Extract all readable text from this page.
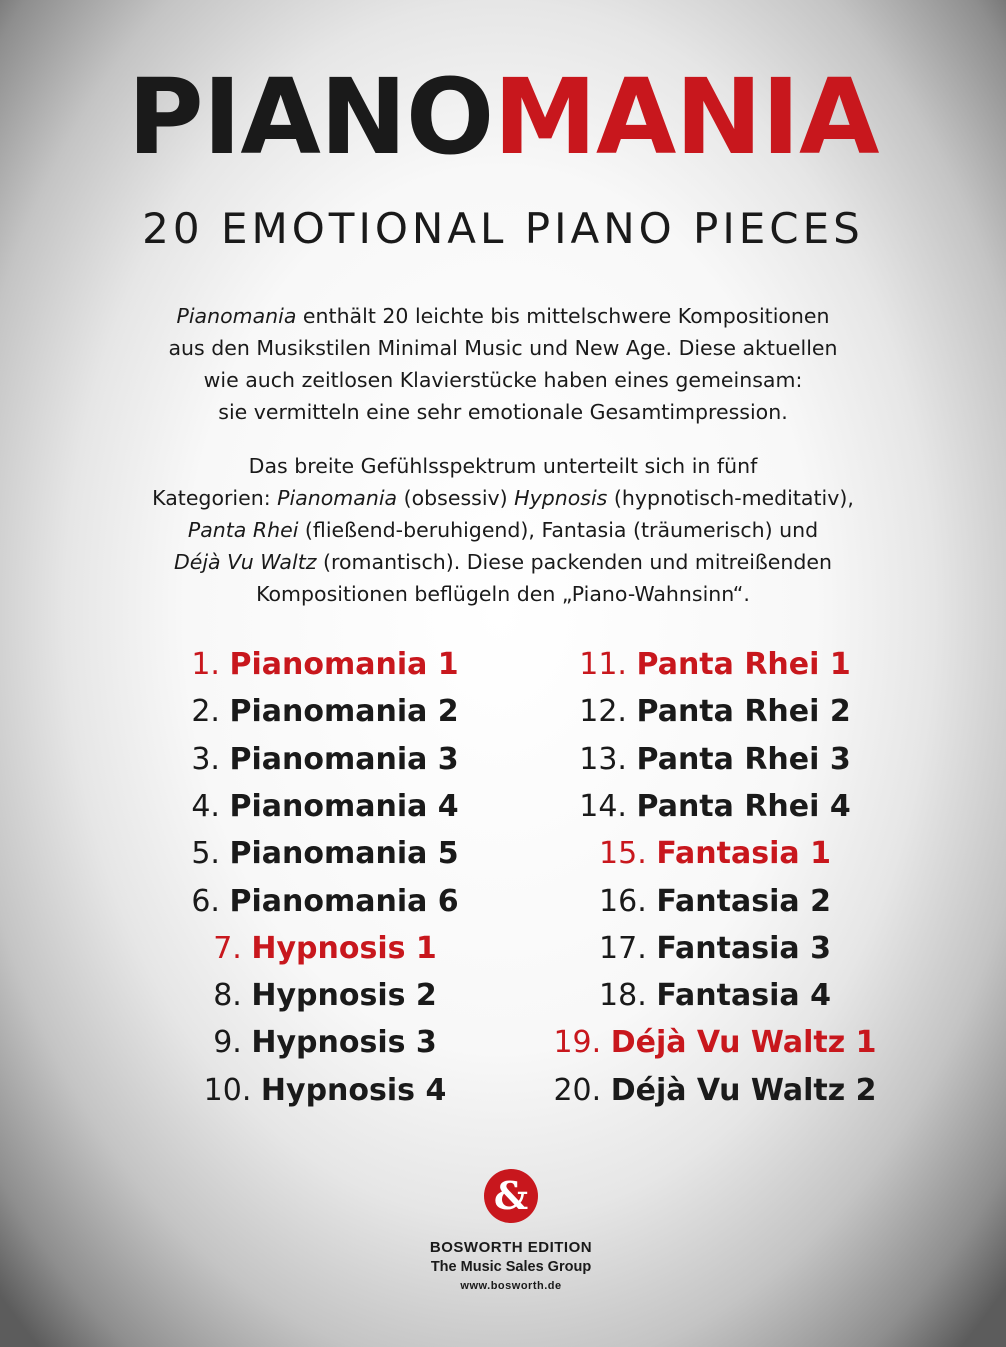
PIANOMANIA
20 EMOTIONAL PIANO PIECES
Pianomania enthält 20 leichte bis mittelschwere Kompositionen
aus den Musikstilen Minimal Music und New Age. Diese aktuellen
wie auch zeitlosen Klavierstücke haben eines gemeinsam:
sie vermitteln eine sehr emotionale Gesamtimpression.
Das breite Gefühlsspektrum unterteilt sich in fünf
Kategorien: Pianomania (obsessiv) Hypnosis (hypnotisch-meditativ),
Panta Rhei (fließend-beruhigend), Fantasia (träumerisch) und
Déjà Vu Waltz (romantisch). Diese packenden und mitreißenden
Kompositionen beflügeln den „Piano-Wahnsinn“.
1. Pianomania 1
2. Pianomania 2
3. Pianomania 3
4. Pianomania 4
5. Pianomania 5
6. Pianomania 6
7. Hypnosis 1
8. Hypnosis 2
9. Hypnosis 3
10. Hypnosis 4
11. Panta Rhei 1
12. Panta Rhei 2
13. Panta Rhei 3
14. Panta Rhei 4
15. Fantasia 1
16. Fantasia 2
17. Fantasia 3
18. Fantasia 4
19. Déjà Vu Waltz 1
20. Déjà Vu Waltz 2
&
BOSWORTH EDITION
The Music Sales Group
www.bosworth.de
